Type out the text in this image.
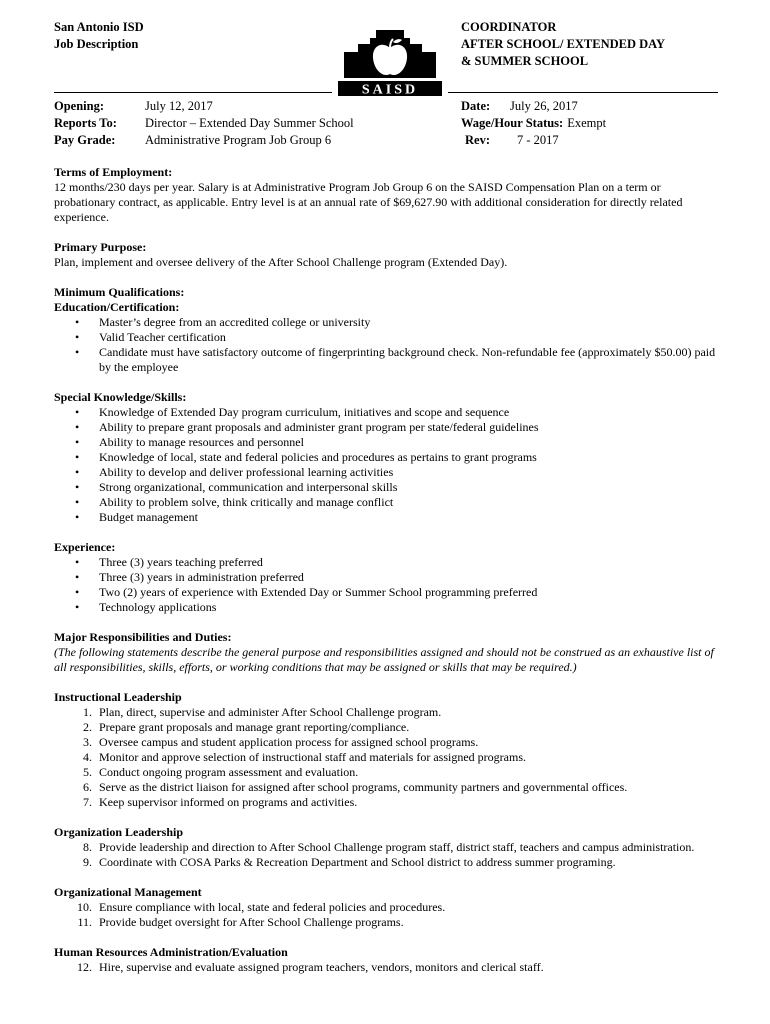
San Antonio ISD
Job Description
COORDINATOR
AFTER SCHOOL/ EXTENDED DAY
& SUMMER SCHOOL
SAISD
Opening:	July 12, 2017
Reports To: Director – Extended Day Summer School
Pay Grade: Administrative Program Job Group 6
Date: July 26, 2017
Wage/Hour Status: Exempt
Rev: 7 - 2017

Terms of Employment:

12 months/230 days per year. Salary is at Administrative Program Job Group 6 on the SAISD Compensation Plan on a term or probationary contract, as applicable. Entry level is at an annual rate of $69,627.90 with additional consideration for directly related experience.

Primary Purpose:

Plan, implement and oversee delivery of the After School Challenge program (Extended Day).

Minimum Qualifications:

Education/Certification:

• Master’s degree from an accredited college or university
• Valid Teacher certification
• Candidate must have satisfactory outcome of fingerprinting background check. Non-refundable fee (approximately $50.00) paid by the employee

Special Knowledge/Skills:

• Knowledge of Extended Day program curriculum, initiatives and scope and sequence
• Ability to prepare grant proposals and administer grant program per state/federal guidelines
• Ability to manage resources and personnel
• Knowledge of local, state and federal policies and procedures as pertains to grant programs
• Ability to develop and deliver professional learning activities
• Strong organizational, communication and interpersonal skills
• Ability to problem solve, think critically and manage conflict
• Budget management

Experience:

• Three (3) years teaching preferred
• Three (3) years in administration preferred
• Two (2) years of experience with Extended Day or Summer School programming preferred
• Technology applications

Major Responsibilities and Duties:

(The following statements describe the general purpose and responsibilities assigned and should not be construed as an exhaustive list of all responsibilities, skills, efforts, or working conditions that may be assigned or skills that may be required.)

Instructional Leadership

1. Plan, direct, supervise and administer After School Challenge program.
2. Prepare grant proposals and manage grant reporting/compliance.
3. Oversee campus and student application process for assigned school programs.
4. Monitor and approve selection of instructional staff and materials for assigned programs.
5. Conduct ongoing program assessment and evaluation.
6. Serve as the district liaison for assigned after school programs, community partners and governmental offices.
7. Keep supervisor informed on programs and activities.

Organization Leadership

8. Provide leadership and direction to After School Challenge program staff, district staff, teachers and campus administration.
9. Coordinate with COSA Parks & Recreation Department and School district to address summer programing.

Organizational Management

10. Ensure compliance with local, state and federal policies and procedures.
11. Provide budget oversight for After School Challenge programs.

Human Resources Administration/Evaluation

12. Hire, supervise and evaluate assigned program teachers, vendors, monitors and clerical staff.
